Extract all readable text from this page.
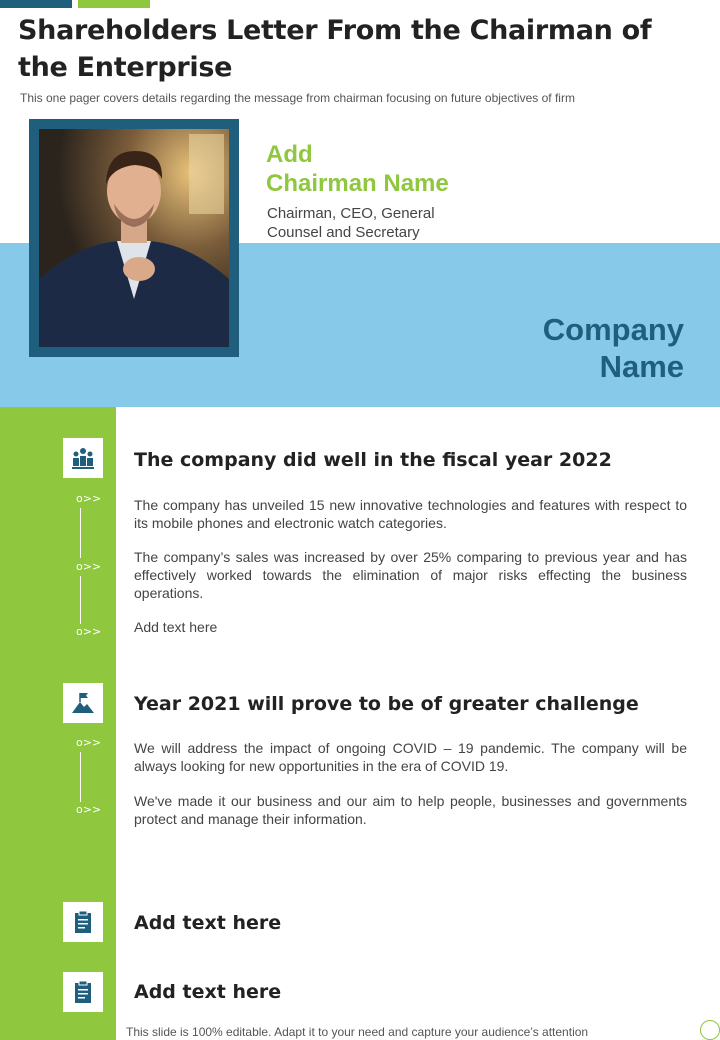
Shareholders Letter From the Chairman of the Enterprise

This one pager covers details regarding the message from chairman focusing on future objectives of firm

Add
Chairman Name
Chairman, CEO, General Counsel and Secretary
Company
Name
o>>
o>>
o>>
The company did well in the fiscal year 2022

The company has unveiled 15 new innovative technologies and features with respect to its mobile phones and electronic watch categories.

The company’s sales was increased by over 25% comparing to previous year and has effectively worked towards the elimination of major risks effecting the business operations.

Add text here

o>>
o>>
Year 2021 will prove to be of greater challenge

We will address the impact of ongoing COVID – 19 pandemic. The company will be always looking for new opportunities in the era of COVID 19.

We've made it our business and our aim to help people, businesses and governments protect and manage their information.

Add text here
Add text here
This slide is 100% editable. Adapt it to your need and capture your audience’s attention
